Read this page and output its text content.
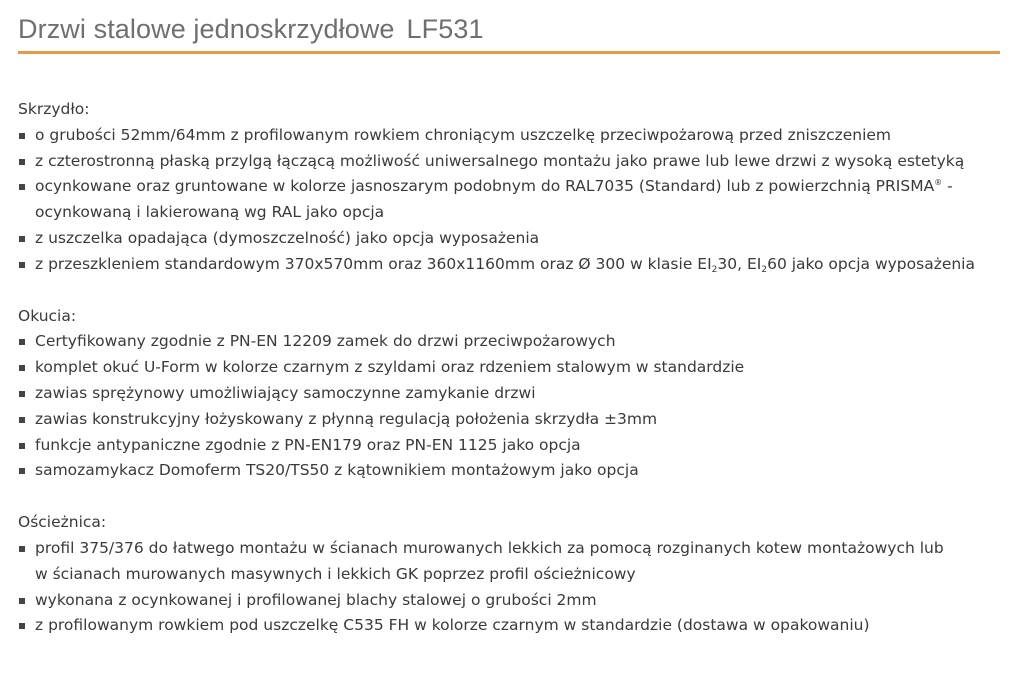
Drzwi stalowe jednoskrzydłowe LF531
Skrzydło:
o grubości 52mm/64mm z profilowanym rowkiem chroniącym uszczelkę przeciwpożarową przed zniszczeniem
z czterostronną płaską przylgą łączącą możliwość uniwersalnego montażu jako prawe lub lewe drzwi z wysoką estetyką
ocynkowane oraz gruntowane w kolorze jasnoszarym podobnym do RAL7035 (Standard) lub z powierzchnią PRISMA® -
ocynkowaną i lakierowaną wg RAL jako opcja
z uszczelka opadająca (dymoszczelność) jako opcja wyposażenia
z przeszkleniem standardowym 370x570mm oraz 360x1160mm oraz Ø 300 w klasie $EI_230$, $EI_260$ jako opcja wyposażenia
Okucia:
Certyfikowany zgodnie z PN-EN 12209 zamek do drzwi przeciwpożarowych
komplet okuć U-Form w kolorze czarnym z szyldami oraz rdzeniem stalowym w standardzie
zawias sprężynowy umożliwiający samoczynne zamykanie drzwi
zawias konstrukcyjny łożyskowany z płynną regulacją położenia skrzydła ±3mm
funkcje antypaniczne zgodnie z PN-EN179 oraz PN-EN 1125 jako opcja
samozamykacz Domoferm TS20/TS50 z kątownikiem montażowym jako opcja
Ościeżnica:
profil 375/376 do łatwego montażu w ścianach murowanych lekkich za pomocą rozginanych kotew montażowych lub
w ścianach murowanych masywnych i lekkich GK poprzez profil ościeżnicowy
wykonana z ocynkowanej i profilowanej blachy stalowej o grubości 2mm
z profilowanym rowkiem pod uszczelkę C535 FH w kolorze czarnym w standardzie (dostawa w opakowaniu)
